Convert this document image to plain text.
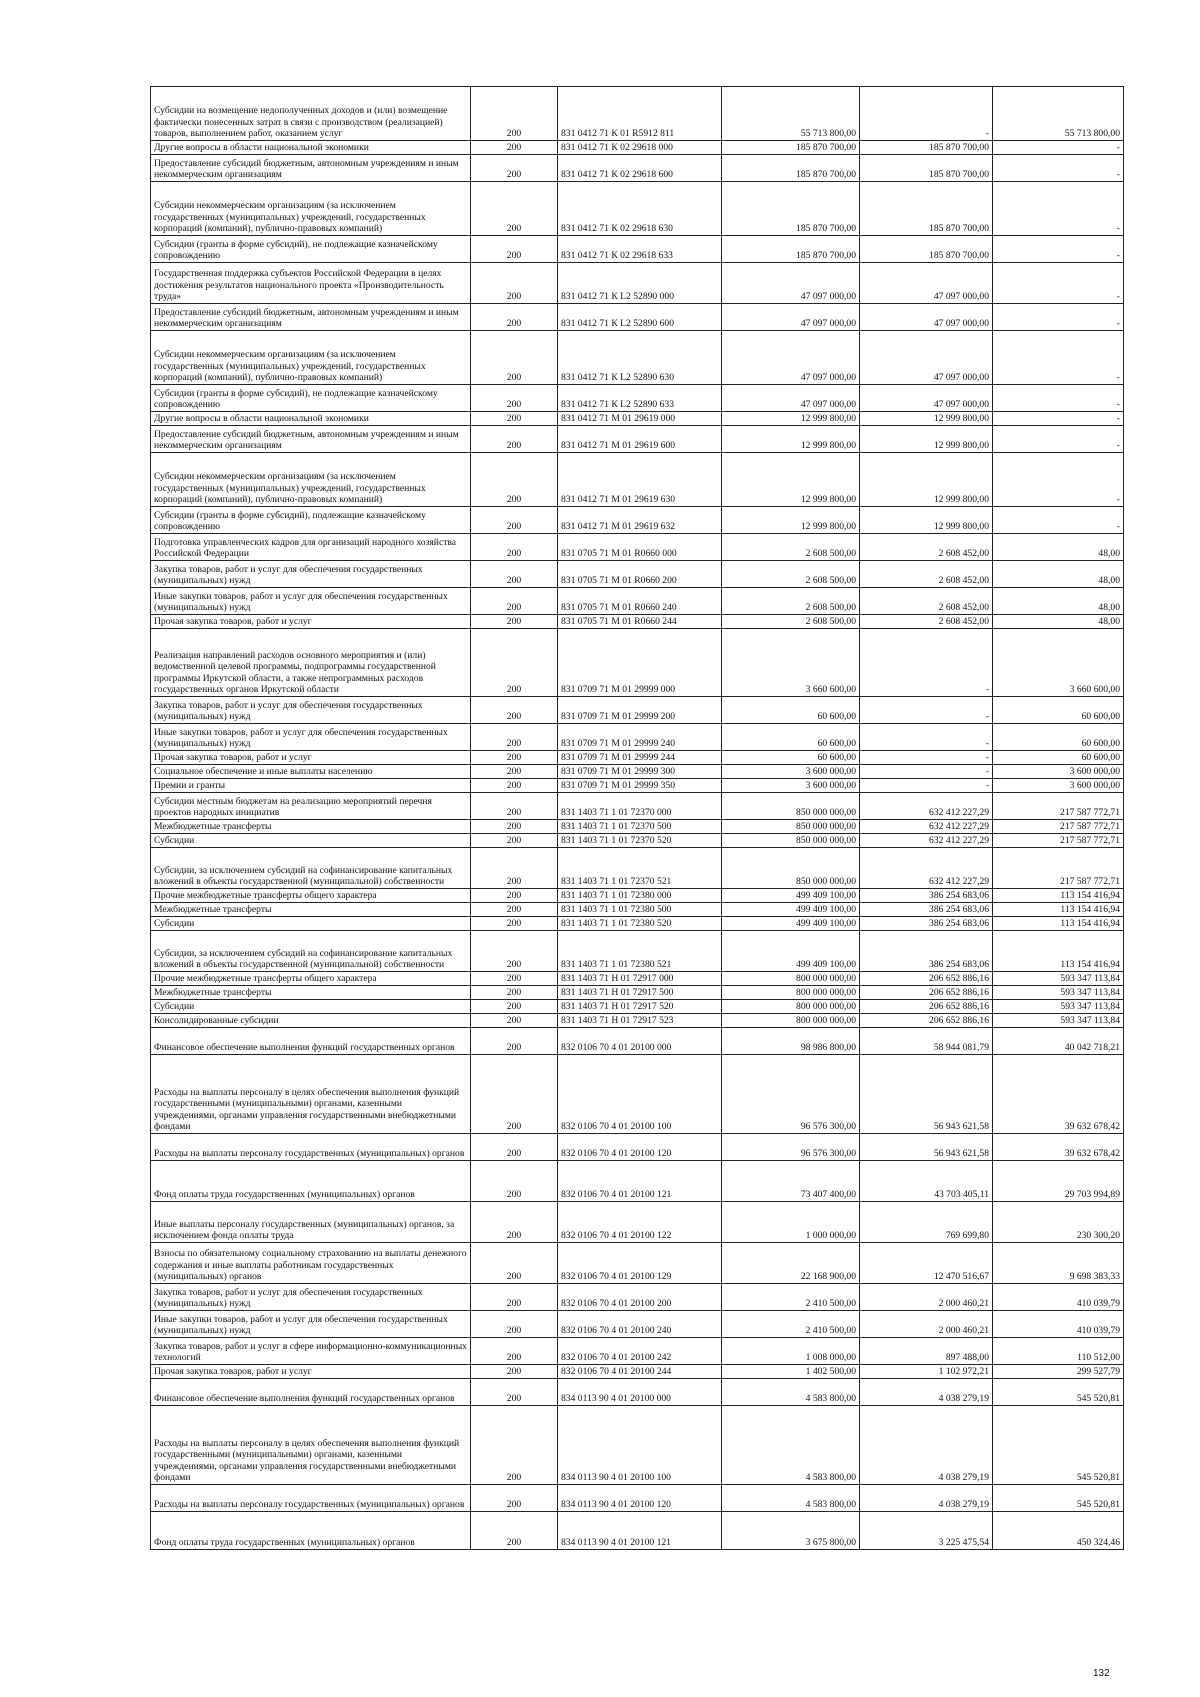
Субсидии на возмещение недополученных доходов и (или) возмещение фактически понесенных затрат в связи с производством (реализацией) товаров, выполнением работ, оказанием услуг	200	831 0412 71 К 01 R5912 811	55 713 800,00	-	55 713 800,00
Другие вопросы в области национальной экономики	200	831 0412 71 К 02 29618 000	185 870 700,00	185 870 700,00	-
Предоставление субсидий бюджетным, автономным учреждениям и иным некоммерческим организациям	200	831 0412 71 К 02 29618 600	185 870 700,00	185 870 700,00	-
Субсидии некоммерческим организациям (за исключением государственных (муниципальных) учреждений, государственных корпораций (компаний), публично-правовых компаний)	200	831 0412 71 К 02 29618 630	185 870 700,00	185 870 700,00	-
Субсидии (гранты в форме субсидий), не подлежащие казначейскому сопровождению	200	831 0412 71 К 02 29618 633	185 870 700,00	185 870 700,00	-
Государственная поддержка субъектов Российской Федерации в целях достижения результатов национального проекта «Производительность труда»	200	831 0412 71 К L2 52890 000	47 097 000,00	47 097 000,00	-
Предоставление субсидий бюджетным, автономным учреждениям и иным некоммерческим организациям	200	831 0412 71 К L2 52890 600	47 097 000,00	47 097 000,00	-
Субсидии некоммерческим организациям (за исключением государственных (муниципальных) учреждений, государственных корпораций (компаний), публично-правовых компаний)	200	831 0412 71 К L2 52890 630	47 097 000,00	47 097 000,00	-
Субсидии (гранты в форме субсидий), не подлежащие казначейскому сопровождению	200	831 0412 71 К L2 52890 633	47 097 000,00	47 097 000,00	-
Другие вопросы в области национальной экономики	200	831 0412 71 М 01 29619 000	12 999 800,00	12 999 800,00	-
Предоставление субсидий бюджетным, автономным учреждениям и иным некоммерческим организациям	200	831 0412 71 М 01 29619 600	12 999 800,00	12 999 800,00	-
Субсидии некоммерческим организациям (за исключением государственных (муниципальных) учреждений, государственных корпораций (компаний), публично-правовых компаний)	200	831 0412 71 М 01 29619 630	12 999 800,00	12 999 800,00	-
Субсидии (гранты в форме субсидий), подлежащие казначейскому сопровождению	200	831 0412 71 М 01 29619 632	12 999 800,00	12 999 800,00	-
Подготовка управленческих кадров для организаций народного хозяйства Российской Федерации	200	831 0705 71 М 01 R0660 000	2 608 500,00	2 608 452,00	48,00
Закупка товаров, работ и услуг для обеспечения государственных (муниципальных) нужд	200	831 0705 71 М 01 R0660 200	2 608 500,00	2 608 452,00	48,00
Иные закупки товаров, работ и услуг для обеспечения государственных (муниципальных) нужд	200	831 0705 71 М 01 R0660 240	2 608 500,00	2 608 452,00	48,00
Прочая закупка товаров, работ и услуг	200	831 0705 71 М 01 R0660 244	2 608 500,00	2 608 452,00	48,00
Реализация направлений расходов основного мероприятия и (или) ведомственной целевой программы, подпрограммы государственной программы Иркутской области, а также непрограммных расходов государственных органов Иркутской области	200	831 0709 71 М 01 29999 000	3 660 600,00	-	3 660 600,00
Закупка товаров, работ и услуг для обеспечения государственных (муниципальных) нужд	200	831 0709 71 М 01 29999 200	60 600,00	-	60 600,00
Иные закупки товаров, работ и услуг для обеспечения государственных (муниципальных) нужд	200	831 0709 71 М 01 29999 240	60 600,00	-	60 600,00
Прочая закупка товаров, работ и услуг	200	831 0709 71 М 01 29999 244	60 600,00	-	60 600,00
Социальное обеспечение и иные выплаты населению	200	831 0709 71 М 01 29999 300	3 600 000,00	-	3 600 000,00
Премии и гранты	200	831 0709 71 М 01 29999 350	3 600 000,00	-	3 600 000,00
Субсидии местным бюджетам на реализацию мероприятий перечня проектов народных инициатив	200	831 1403 71 1 01 72370 000	850 000 000,00	632 412 227,29	217 587 772,71
Межбюджетные трансферты	200	831 1403 71 1 01 72370 500	850 000 000,00	632 412 227,29	217 587 772,71
Субсидии	200	831 1403 71 1 01 72370 520	850 000 000,00	632 412 227,29	217 587 772,71
Субсидии, за исключением субсидий на софинансирование капитальных вложений в объекты государственной (муниципальной) собственности	200	831 1403 71 1 01 72370 521	850 000 000,00	632 412 227,29	217 587 772,71
Прочие межбюджетные трансферты общего характера	200	831 1403 71 1 01 72380 000	499 409 100,00	386 254 683,06	113 154 416,94
Межбюджетные трансферты	200	831 1403 71 1 01 72380 500	499 409 100,00	386 254 683,06	113 154 416,94
Субсидии	200	831 1403 71 1 01 72380 520	499 409 100,00	386 254 683,06	113 154 416,94
Субсидии, за исключением субсидий на софинансирование капитальных вложений в объекты государственной (муниципальной) собственности	200	831 1403 71 1 01 72380 521	499 409 100,00	386 254 683,06	113 154 416,94
Прочие межбюджетные трансферты общего характера	200	831 1403 71 Н 01 72917 000	800 000 000,00	206 652 886,16	593 347 113,84
Межбюджетные трансферты	200	831 1403 71 Н 01 72917 500	800 000 000,00	206 652 886,16	593 347 113,84
Субсидии	200	831 1403 71 Н 01 72917 520	800 000 000,00	206 652 886,16	593 347 113,84
Консолидированные субсидии	200	831 1403 71 Н 01 72917 523	800 000 000,00	206 652 886,16	593 347 113,84
Финансовое обеспечение выполнения функций государственных органов	200	832 0106 70 4 01 20100 000	98 986 800,00	58 944 081,79	40 042 718,21
Расходы на выплаты персоналу в целях обеспечения выполнения функций государственными (муниципальными) органами, казенными учреждениями, органами управления государственными внебюджетными фондами	200	832 0106 70 4 01 20100 100	96 576 300,00	56 943 621,58	39 632 678,42
Расходы на выплаты персоналу государственных (муниципальных) органов	200	832 0106 70 4 01 20100 120	96 576 300,00	56 943 621,58	39 632 678,42
Фонд оплаты труда государственных (муниципальных) органов	200	832 0106 70 4 01 20100 121	73 407 400,00	43 703 405,11	29 703 994,89
Иные выплаты персоналу государственных (муниципальных) органов, за исключением фонда оплаты труда	200	832 0106 70 4 01 20100 122	1 000 000,00	769 699,80	230 300,20
Взносы по обязательному социальному страхованию на выплаты денежного содержания и иные выплаты работникам государственных (муниципальных) органов	200	832 0106 70 4 01 20100 129	22 168 900,00	12 470 516,67	9 698 383,33
Закупка товаров, работ и услуг для обеспечения государственных (муниципальных) нужд	200	832 0106 70 4 01 20100 200	2 410 500,00	2 000 460,21	410 039,79
Иные закупки товаров, работ и услуг для обеспечения государственных (муниципальных) нужд	200	832 0106 70 4 01 20100 240	2 410 500,00	2 000 460,21	410 039,79
Закупка товаров, работ и услуг в сфере информационно-коммуникационных технологий	200	832 0106 70 4 01 20100 242	1 008 000,00	897 488,00	110 512,00
Прочая закупка товаров, работ и услуг	200	832 0106 70 4 01 20100 244	1 402 500,00	1 102 972,21	299 527,79
Финансовое обеспечение выполнения функций государственных органов	200	834 0113 90 4 01 20100 000	4 583 800,00	4 038 279,19	545 520,81
Расходы на выплаты персоналу в целях обеспечения выполнения функций государственными (муниципальными) органами, казенными учреждениями, органами управления государственными внебюджетными фондами	200	834 0113 90 4 01 20100 100	4 583 800,00	4 038 279,19	545 520,81
Расходы на выплаты персоналу государственных (муниципальных) органов	200	834 0113 90 4 01 20100 120	4 583 800,00	4 038 279,19	545 520,81
Фонд оплаты труда государственных (муниципальных) органов	200	834 0113 90 4 01 20100 121	3 675 800,00	3 225 475,54	450 324,46
132
